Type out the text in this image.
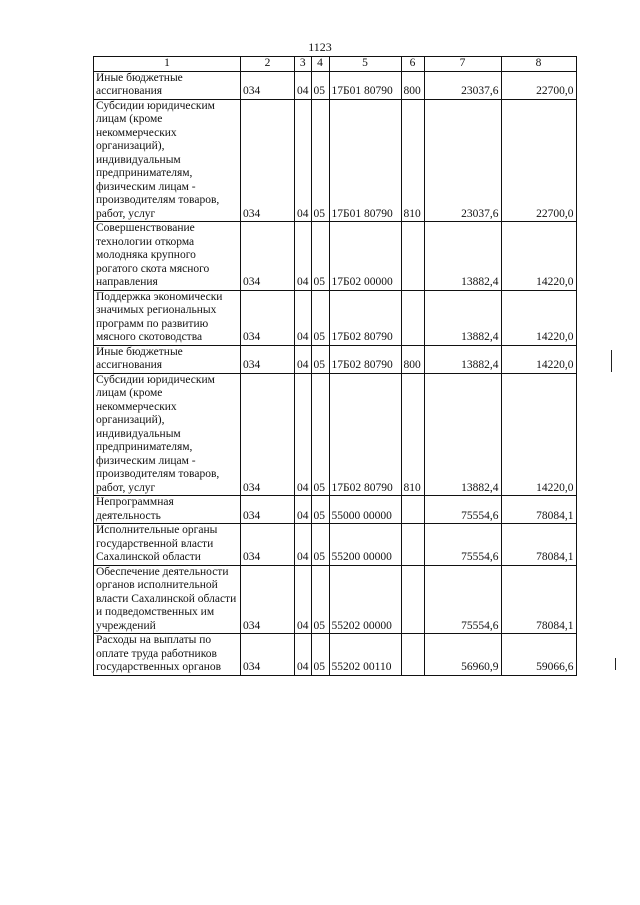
1123
1	2	3	4	5	6	7	8
Иные бюджетные ассигнования	034	04	05	17Б01 80790	800	23037,6	22700,0
Субсидии юридическим лицам (кроме некоммерческих организаций), индивидуальным предпринимателям, физическим лицам - производителям товаров, работ, услуг	034	04	05	17Б01 80790	810	23037,6	22700,0
Совершенствование технологии откорма молодняка крупного рогатого скота мясного направления	034	04	05	17Б02 00000		13882,4	14220,0
Поддержка экономически значимых региональных программ по развитию мясного скотоводства	034	04	05	17Б02 80790		13882,4	14220,0
Иные бюджетные ассигнования	034	04	05	17Б02 80790	800	13882,4	14220,0
Субсидии юридическим лицам (кроме некоммерческих организаций), индивидуальным предпринимателям, физическим лицам - производителям товаров, работ, услуг	034	04	05	17Б02 80790	810	13882,4	14220,0
Непрограммная деятельность	034	04	05	55000 00000		75554,6	78084,1
Исполнительные органы государственной власти Сахалинской области	034	04	05	55200 00000		75554,6	78084,1
Обеспечение деятельности органов исполнительной власти Сахалинской области и подведомственных им учреждений	034	04	05	55202 00000		75554,6	78084,1
Расходы на выплаты по оплате труда работников государственных органов	034	04	05	55202 00110		56960,9	59066,6
